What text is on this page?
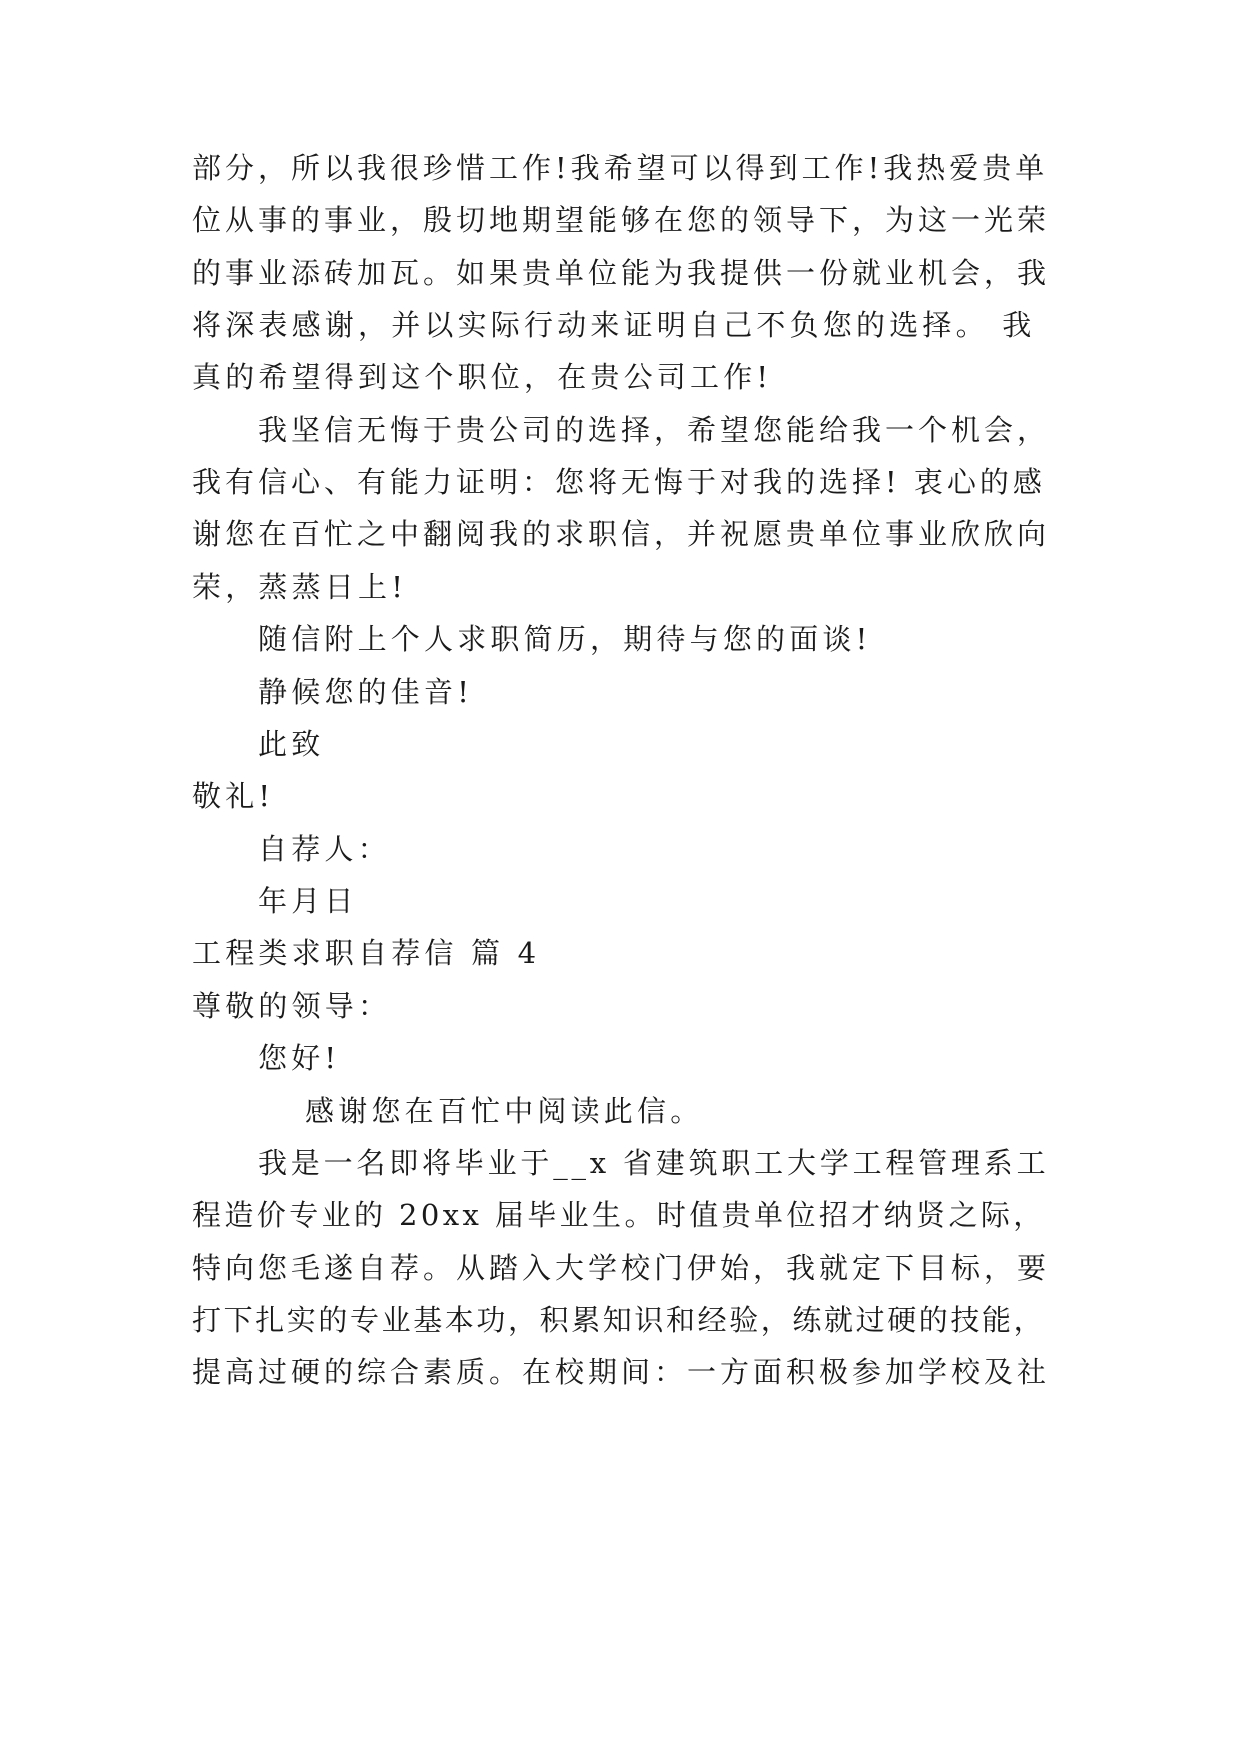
部分，所以我很珍惜工作!我希望可以得到工作!我热爱贵单

位从事的事业，殷切地期望能够在您的领导下，为这一光荣

的事业添砖加瓦。如果贵单位能为我提供一份就业机会，我

将深表感谢，并以实际行动来证明自己不负您的选择。 我

真的希望得到这个职位，在贵公司工作!

我坚信无悔于贵公司的选择，希望您能给我一个机会，

我有信心、有能力证明：您将无悔于对我的选择! 衷心的感

谢您在百忙之中翻阅我的求职信，并祝愿贵单位事业欣欣向

荣，蒸蒸日上!

随信附上个人求职简历，期待与您的面谈!

静候您的佳音!

此致

敬礼!

自荐人：

年月日

工程类求职自荐信 篇 4

尊敬的领导：

您好!

感谢您在百忙中阅读此信。

我是一名即将毕业于__x 省建筑职工大学工程管理系工

程造价专业的 20xx 届毕业生。时值贵单位招才纳贤之际，

特向您毛遂自荐。从踏入大学校门伊始，我就定下目标，要

打下扎实的专业基本功，积累知识和经验，练就过硬的技能，

提高过硬的综合素质。在校期间：一方面积极参加学校及社
